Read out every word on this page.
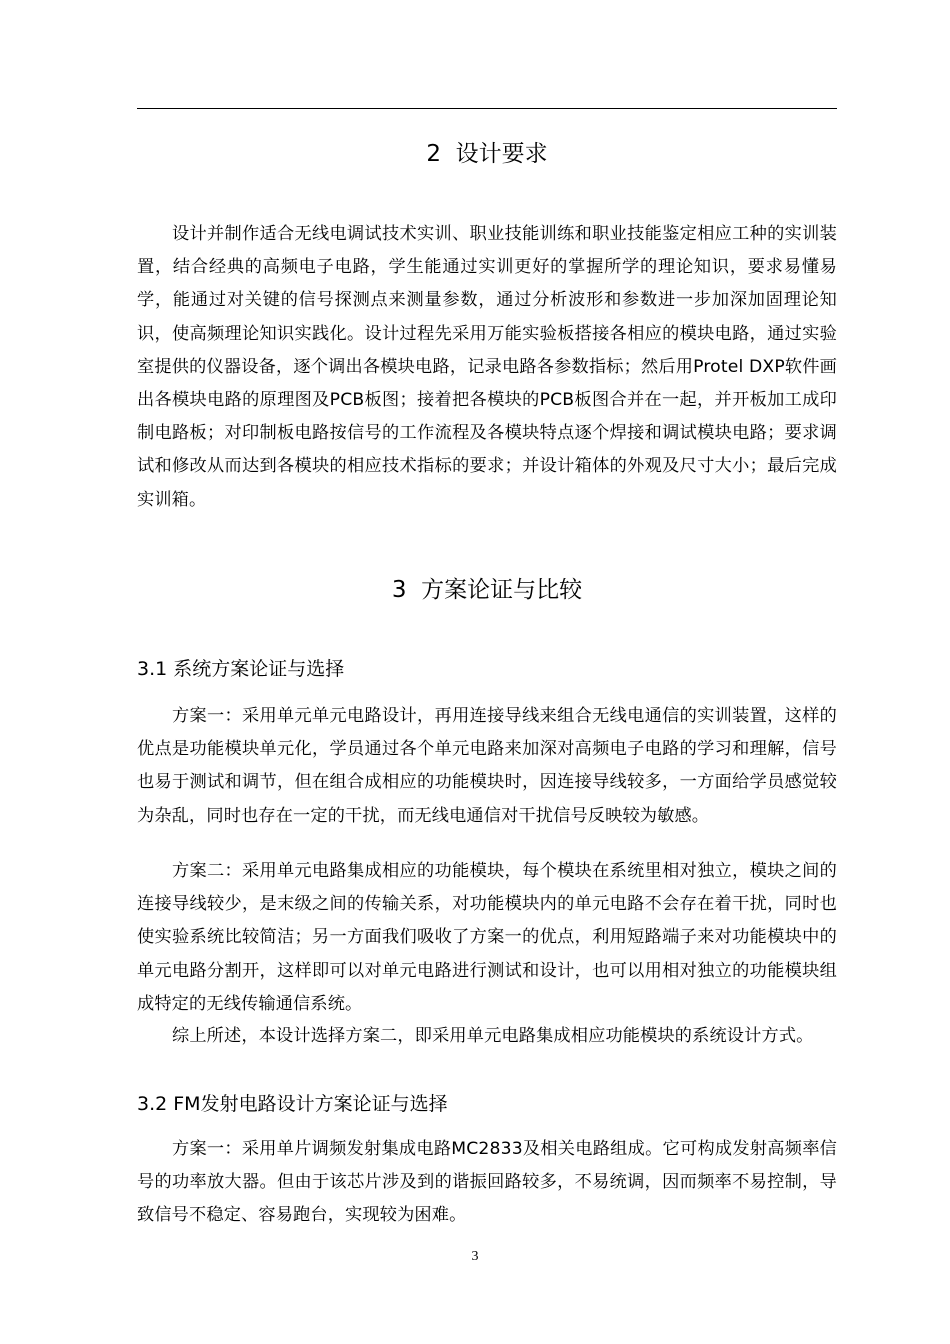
2  设计要求

设计并制作适合无线电调试技术实训、职业技能训练和职业技能鉴定相应工种的实训装置，结合经典的高频电子电路，学生能通过实训更好的掌握所学的理论知识，要求易懂易学，能通过对关键的信号探测点来测量参数，通过分析波形和参数进一步加深加固理论知识，使高频理论知识实践化。设计过程先采用万能实验板搭接各相应的模块电路，通过实验室提供的仪器设备，逐个调出各模块电路，记录电路各参数指标；然后用Protel DXP软件画出各模块电路的原理图及PCB板图；接着把各模块的PCB板图合并在一起，并开板加工成印制电路板；对印制板电路按信号的工作流程及各模块特点逐个焊接和调试模块电路；要求调试和修改从而达到各模块的相应技术指标的要求；并设计箱体的外观及尺寸大小；最后完成实训箱。

3  方案论证与比较
3.1 系统方案论证与选择

方案一：采用单元单元电路设计，再用连接导线来组合无线电通信的实训装置，这样的优点是功能模块单元化，学员通过各个单元电路来加深对高频电子电路的学习和理解，信号也易于测试和调节，但在组合成相应的功能模块时，因连接导线较多，一方面给学员感觉较为杂乱，同时也存在一定的干扰，而无线电通信对干扰信号反映较为敏感。

方案二：采用单元电路集成相应的功能模块，每个模块在系统里相对独立，模块之间的连接导线较少，是末级之间的传输关系，对功能模块内的单元电路不会存在着干扰，同时也使实验系统比较简洁；另一方面我们吸收了方案一的优点，利用短路端子来对功能模块中的单元电路分割开，这样即可以对单元电路进行测试和设计，也可以用相对独立的功能模块组成特定的无线传输通信系统。

综上所述，本设计选择方案二，即采用单元电路集成相应功能模块的系统设计方式。

3.2 FM发射电路设计方案论证与选择

方案一：采用单片调频发射集成电路MC2833及相关电路组成。它可构成发射高频率信号的功率放大器。但由于该芯片涉及到的谐振回路较多，不易统调，因而频率不易控制，导致信号不稳定、容易跑台，实现较为困难。

3
